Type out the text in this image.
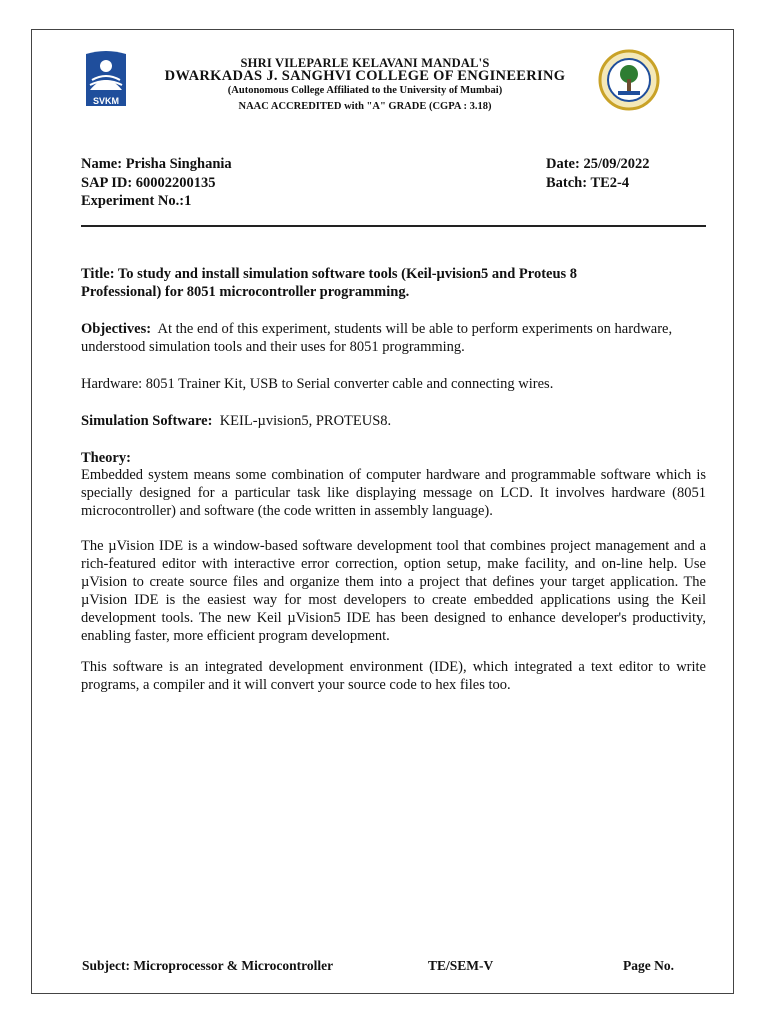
SVKM
SHRI VILEPARLE KELAVANI MANDAL'S
DWARKADAS J. SANGHVI COLLEGE OF ENGINEERING
(Autonomous College Affiliated to the University of Mumbai)
NAAC ACCREDITED with "A" GRADE (CGPA : 3.18)
Name: Prisha Singhania
SAP ID: 60002200135
Experiment No.:1
Date: 25/09/2022
Batch: TE2-4
Title: To study and install simulation software tools (Keil-μvision5 and Proteus 8
Professional) for 8051 microcontroller programming.
Objectives: At the end of this experiment, students will be able to perform experiments on hardware, understood simulation tools and their uses for 8051 programming.
Hardware: 8051 Trainer Kit, USB to Serial converter cable and connecting wires.
Simulation Software: KEIL-µvision5, PROTEUS8.
Theory:
Embedded system means some combination of computer hardware and programmable software which is specially designed for a particular task like displaying message on LCD. It involves hardware (8051 microcontroller) and software (the code written in assembly language).
The µVision IDE is a window-based software development tool that combines project management and a rich-featured editor with interactive error correction, option setup, make facility, and on-line help. Use µVision to create source files and organize them into a project that defines your target application. The µVision IDE is the easiest way for most developers to create embedded applications using the Keil development tools. The new Keil µVision5 IDE has been designed to enhance developer's productivity, enabling faster, more efficient program development.
This software is an integrated development environment (IDE), which integrated a text editor to write programs, a compiler and it will convert your source code to hex files too.
Subject: Microprocessor & Microcontroller	TE/SEM-V	Page No.
